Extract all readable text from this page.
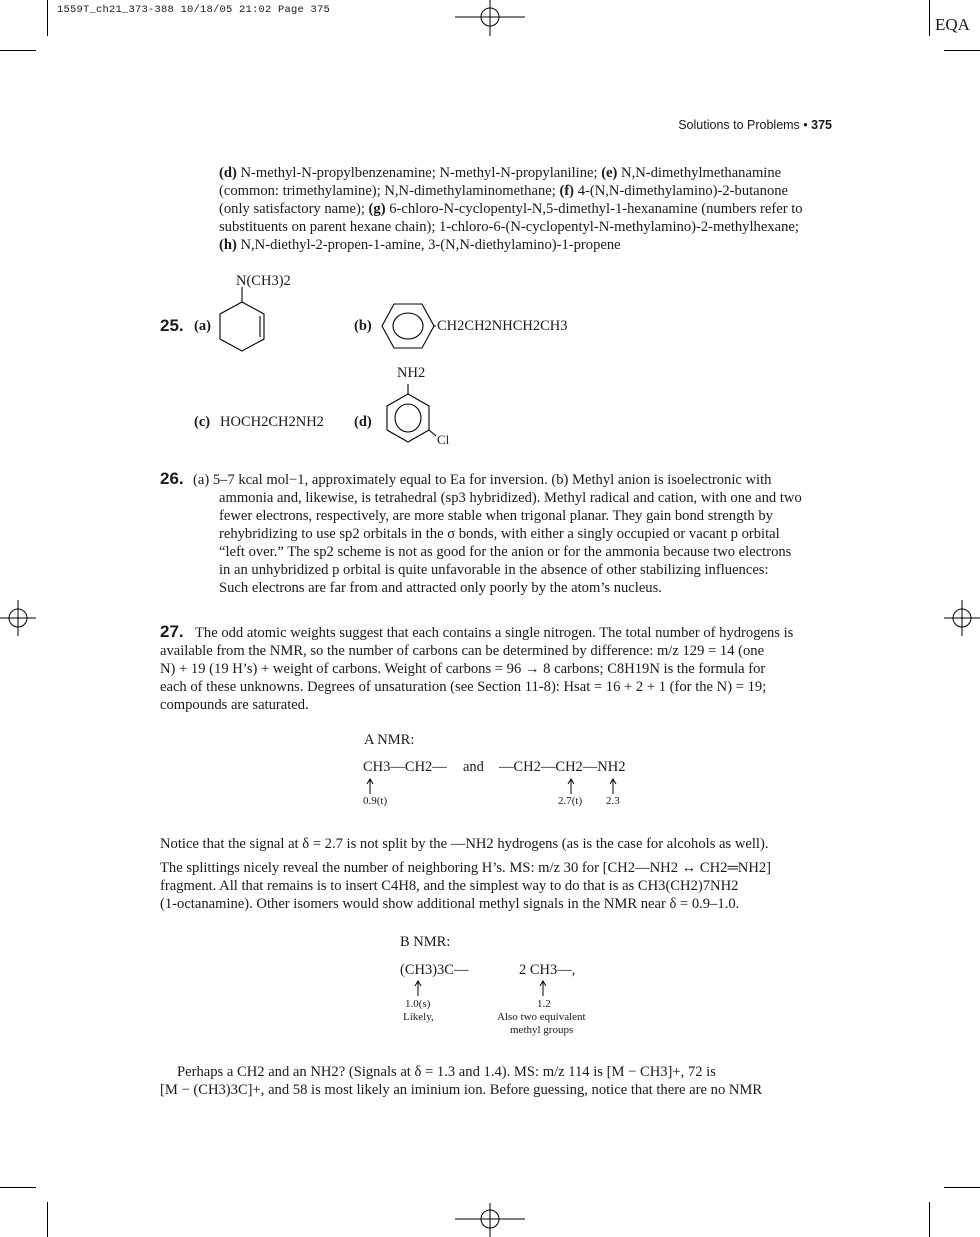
1559T_ch21_373-388 10/18/05 21:02 Page 375
EQA
Solutions to Problems • 375

(d) N-methyl-N-propylbenzenamine; N-methyl-N-propylaniline; (e) N,N-dimethylmethanamine

(common: trimethylamine); N,N-dimethylaminomethane; (f) 4-(N,N-dimethylamino)-2-butanone

(only satisfactory name); (g) 6-chloro-N-cyclopentyl-N,5-dimethyl-1-hexanamine (numbers refer to

substituents on parent hexane chain); 1-chloro-6-(N-cyclopentyl-N-methylamino)-2-methylhexane;

(h) N,N-diethyl-2-propen-1-amine, 3-(N,N-diethylamino)-1-propene

25. (a)
N(CH3)2
(b)	CH2CH2NHCH2CH3
(c) HOCH2CH2NH2 (d)
NH2
Cl
26. (a) 5–7 kcal mol−1, approximately equal to Ea for inversion. (b) Methyl anion is isoelectronic with

ammonia and, likewise, is tetrahedral (sp3 hybridized). Methyl radical and cation, with one and two

fewer electrons, respectively, are more stable when trigonal planar. They gain bond strength by

rehybridizing to use sp2 orbitals in the σ bonds, with either a singly occupied or vacant p orbital

“left over.” The sp2 scheme is not as good for the anion or for the ammonia because two electrons

in an unhybridized p orbital is quite unfavorable in the absence of other stabilizing influences:

Such electrons are far from and attracted only poorly by the atom’s nucleus.

27. The odd atomic weights suggest that each contains a single nitrogen. The total number of hydrogens is

available from the NMR, so the number of carbons can be determined by difference: m/z 129 = 14 (one

N) + 19 (19 H’s) + weight of carbons. Weight of carbons = 96 → 8 carbons; C8H19N is the formula for

each of these unknowns. Degrees of unsaturation (see Section 11-8): Hsat = 16 + 2 + 1 (for the N) = 19;

compounds are saturated.

A NMR:
CH3—CH2— and —CH2—CH2—NH2
0.9(t)	2.7(t) 2.3

Notice that the signal at δ = 2.7 is not split by the —NH2 hydrogens (as is the case for alcohols as well).

The splittings nicely reveal the number of neighboring H’s. MS: m/z 30 for [CH2—NH2 ↔ CH2═NH2]

fragment. All that remains is to insert C4H8, and the simplest way to do that is as CH3(CH2)7NH2

(1-octanamine). Other isomers would show additional methyl signals in the NMR near δ = 0.9–1.0.

B NMR:
(CH3)3C—	2 CH3—,
1.0(s)
Likely,
1.2
Also two equivalent
methyl groups

Perhaps a CH2 and an NH2? (Signals at δ = 1.3 and 1.4). MS: m/z 114 is [M − CH3]+, 72 is

[M − (CH3)3C]+, and 58 is most likely an iminium ion. Before guessing, notice that there are no NMR
